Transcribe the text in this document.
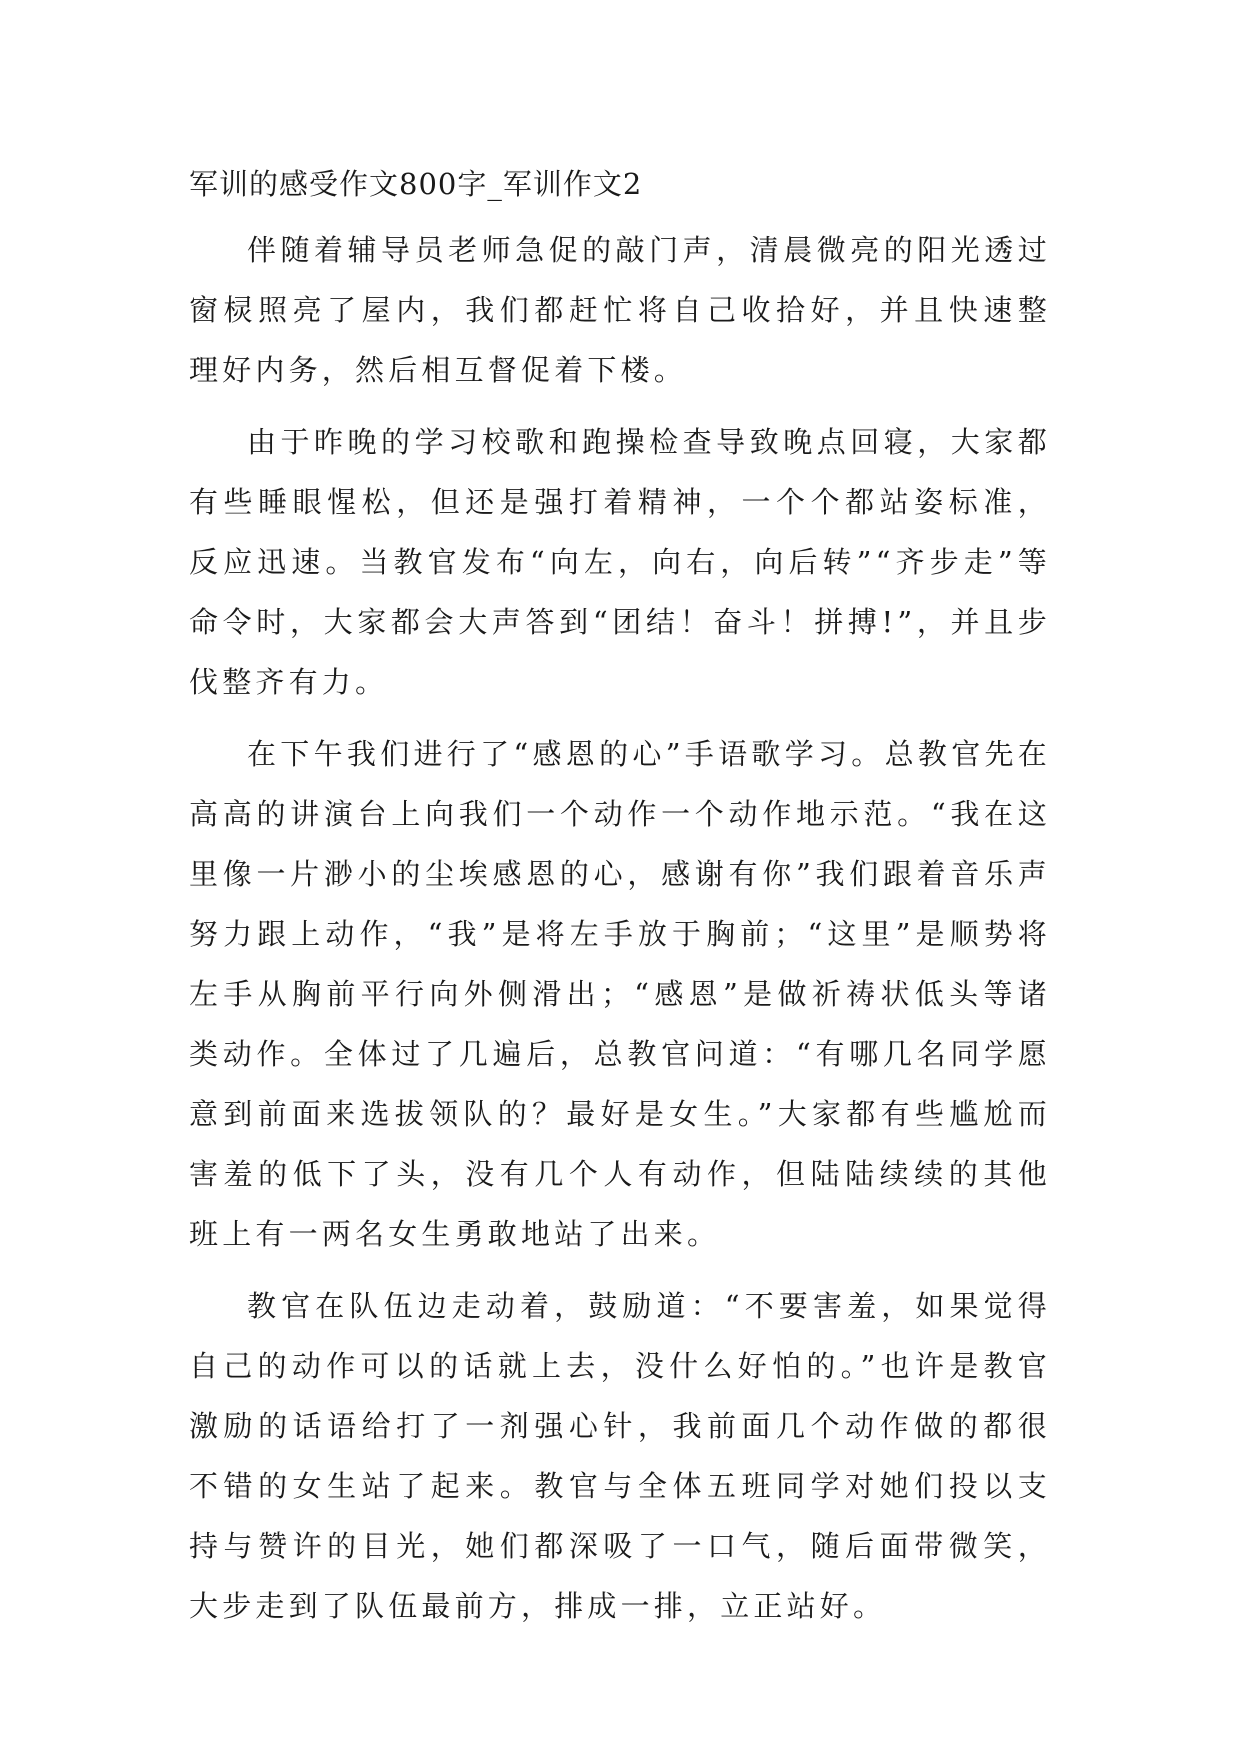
军训的感受作文800字_军训作文2

伴随着辅导员老师急促的敲门声，清晨微亮的阳光透过窗棂照亮了屋内，我们都赶忙将自己收拾好，并且快速整理好内务，然后相互督促着下楼。

由于昨晚的学习校歌和跑操检查导致晚点回寝，大家都有些睡眼惺松，但还是强打着精神，一个个都站姿标准，反应迅速。当教官发布“向左，向右，向后转”“齐步走”等命令时，大家都会大声答到“团结！奋斗！拼搏!”，并且步伐整齐有力。

在下午我们进行了“感恩的心”手语歌学习。总教官先在高高的讲演台上向我们一个动作一个动作地示范。“我在这里像一片渺小的尘埃感恩的心，感谢有你”我们跟着音乐声努力跟上动作，“我”是将左手放于胸前；“这里”是顺势将左手从胸前平行向外侧滑出；“感恩”是做祈祷状低头等诸类动作。全体过了几遍后，总教官问道：“有哪几名同学愿意到前面来选拔领队的？最好是女生。”大家都有些尴尬而害羞的低下了头，没有几个人有动作，但陆陆续续的其他班上有一两名女生勇敢地站了出来。

教官在队伍边走动着，鼓励道：“不要害羞，如果觉得自己的动作可以的话就上去，没什么好怕的。”也许是教官激励的话语给打了一剂强心针，我前面几个动作做的都很不错的女生站了起来。教官与全体五班同学对她们投以支持与赞许的目光，她们都深吸了一口气，随后面带微笑，大步走到了队伍最前方，排成一排，立正站好。
